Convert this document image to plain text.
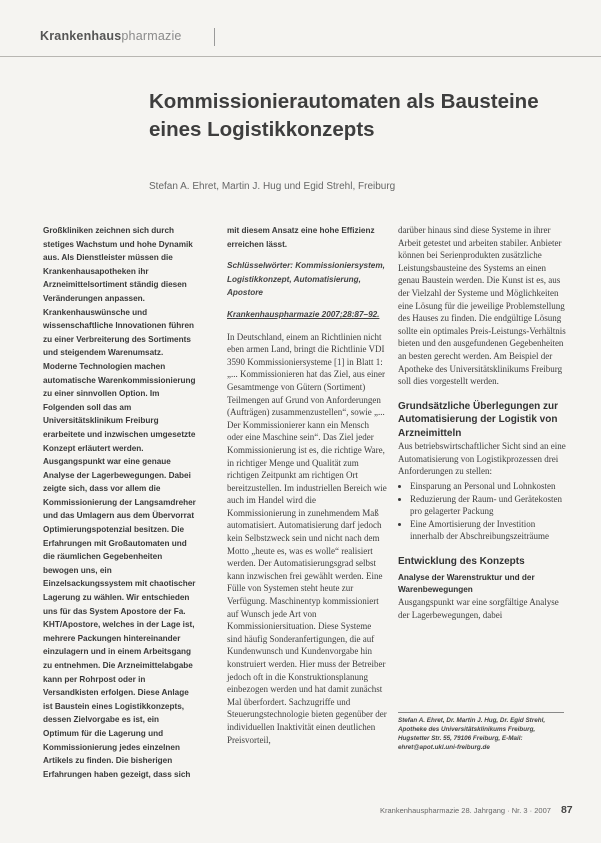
Krankenhauspharmazie
Kommissionierautomaten als Bausteine eines Logistikkonzepts
Stefan A. Ehret, Martin J. Hug und Egid Strehl, Freiburg

Großkliniken zeichnen sich durch stetiges Wachstum und hohe Dynamik aus. Als Dienstleister müssen die Krankenhausapotheken ihr Arzneimittelsortiment ständig diesen Veränderungen anpassen. Krankenhauswünsche und wissenschaftliche Innovationen führen zu einer Verbreiterung des Sortiments und steigendem Warenumsatz. Moderne Technologien machen automatische Warenkommissionierung zu einer sinnvollen Option. Im Folgenden soll das am Universitätsklinikum Freiburg erarbeitete und inzwischen umgesetzte Konzept erläutert werden. Ausgangspunkt war eine genaue Analyse der Lagerbewegungen. Dabei zeigte sich, dass vor allem die Kommissionierung der Langsamdreher und das Umlagern aus dem Übervorrat Optimierungspotenzial besitzen. Die Erfahrungen mit Großautomaten und die räumlichen Gegebenheiten bewogen uns, ein Einzelsackungssystem mit chaotischer Lagerung zu wählen. Wir entschieden uns für das System Apostore der Fa. KHT/Apostore, welches in der Lage ist, mehrere Packungen hintereinander einzulagern und in einem Arbeitsgang zu entnehmen. Die Arzneimittelabgabe kann per Rohrpost oder in Versandkisten erfolgen. Diese Anlage ist Baustein eines Logistikkonzepts, dessen Zielvorgabe es ist, ein Optimum für die Lagerung und Kommissionierung jedes einzelnen Artikels zu finden. Die bisherigen Erfahrungen haben gezeigt, dass sich

mit diesem Ansatz eine hohe Effizienz erreichen lässt.

Schlüsselwörter: Kommissioniersystem, Logistikkonzept, Automatisierung, Apostore
Krankenhauspharmazie 2007;28:87–92.

In Deutschland, einem an Richtlinien nicht eben armen Land, bringt die Richtlinie VDI 3590 Kommissioniersysteme [1] in Blatt 1: „... Kommissionieren hat das Ziel, aus einer Gesamtmenge von Gütern (Sortiment) Teilmengen auf Grund von Anforderungen (Aufträgen) zusammenzustellen“, sowie „... Der Kommissionierer kann ein Mensch oder eine Maschine sein“. Das Ziel jeder Kommissionierung ist es, die richtige Ware, in richtiger Menge und Qualität zum richtigen Zeitpunkt am richtigen Ort bereitzustellen. Im industriellen Bereich wie auch im Handel wird die Kommissionierung in zunehmendem Maß automatisiert. Automatisierung darf jedoch kein Selbstzweck sein und nicht nach dem Motto „heute es, was es wolle“ realisiert werden. Der Automatisierungsgrad selbst kann inzwischen frei gewählt werden. Eine Fülle von Systemen steht heute zur Verfügung. Maschinentyp kommissioniert auf Wunsch jede Art von Kommissioniersituation. Diese Systeme sind häufig Sonderanfertigungen, die auf Kundenwunsch und Kundenvorgabe hin konstruiert werden. Hier muss der Betreiber jedoch oft in die Konstruktionsplanung einbezogen werden und hat damit zunächst Mal überfordert. Sachzugriffe und Steuerungstechnologie bieten gegenüber der individuellen Inaktivität einen deutlichen Preisvorteil,

darüber hinaus sind diese Systeme in ihrer Arbeit getestet und arbeiten stabiler. Anbieter können bei Serienprodukten zusätzliche Leistungsbausteine des Systems an einen genau Baustein werden. Die Kunst ist es, aus der Vielzahl der Systeme und Möglichkeiten eine Lösung für die jeweilige Problemstellung des Hauses zu finden. Die endgültige Lösung sollte ein optimales Preis-Leistungs-Verhältnis bieten und den ausgefundenen Gegebenheiten an besten gerecht werden. Am Beispiel der Apotheke des Universitätsklinikums Freiburg soll dies vorgestellt werden.

Grundsätzliche Überlegungen zur Automatisierung der Logistik von Arzneimitteln

Aus betriebswirtschaftlicher Sicht sind an eine Automatisierung von Logistikprozessen drei Anforderungen zu stellen:

• Einsparung an Personal und Lohnkosten
• Reduzierung der Raum- und Gerätekosten pro gelagerter Packung
• Eine Amortisierung der Investition innerhalb der Abschreibungszeiträume
Entwicklung des Konzepts
Analyse der Warenstruktur und der Warenbewegungen

Ausgangspunkt war eine sorgfältige Analyse der Lagerbewegungen, dabei

Stefan A. Ehret, Dr. Martin J. Hug, Dr. Egid Strehl, Apotheke des Universitätsklinikums Freiburg, Hugstetter Str. 55, 79106 Freiburg, E-Mail: ehret@apot.ukl.uni-freiburg.de
Krankenhauspharmazie 28. Jahrgang · Nr. 3 · 2007 87
